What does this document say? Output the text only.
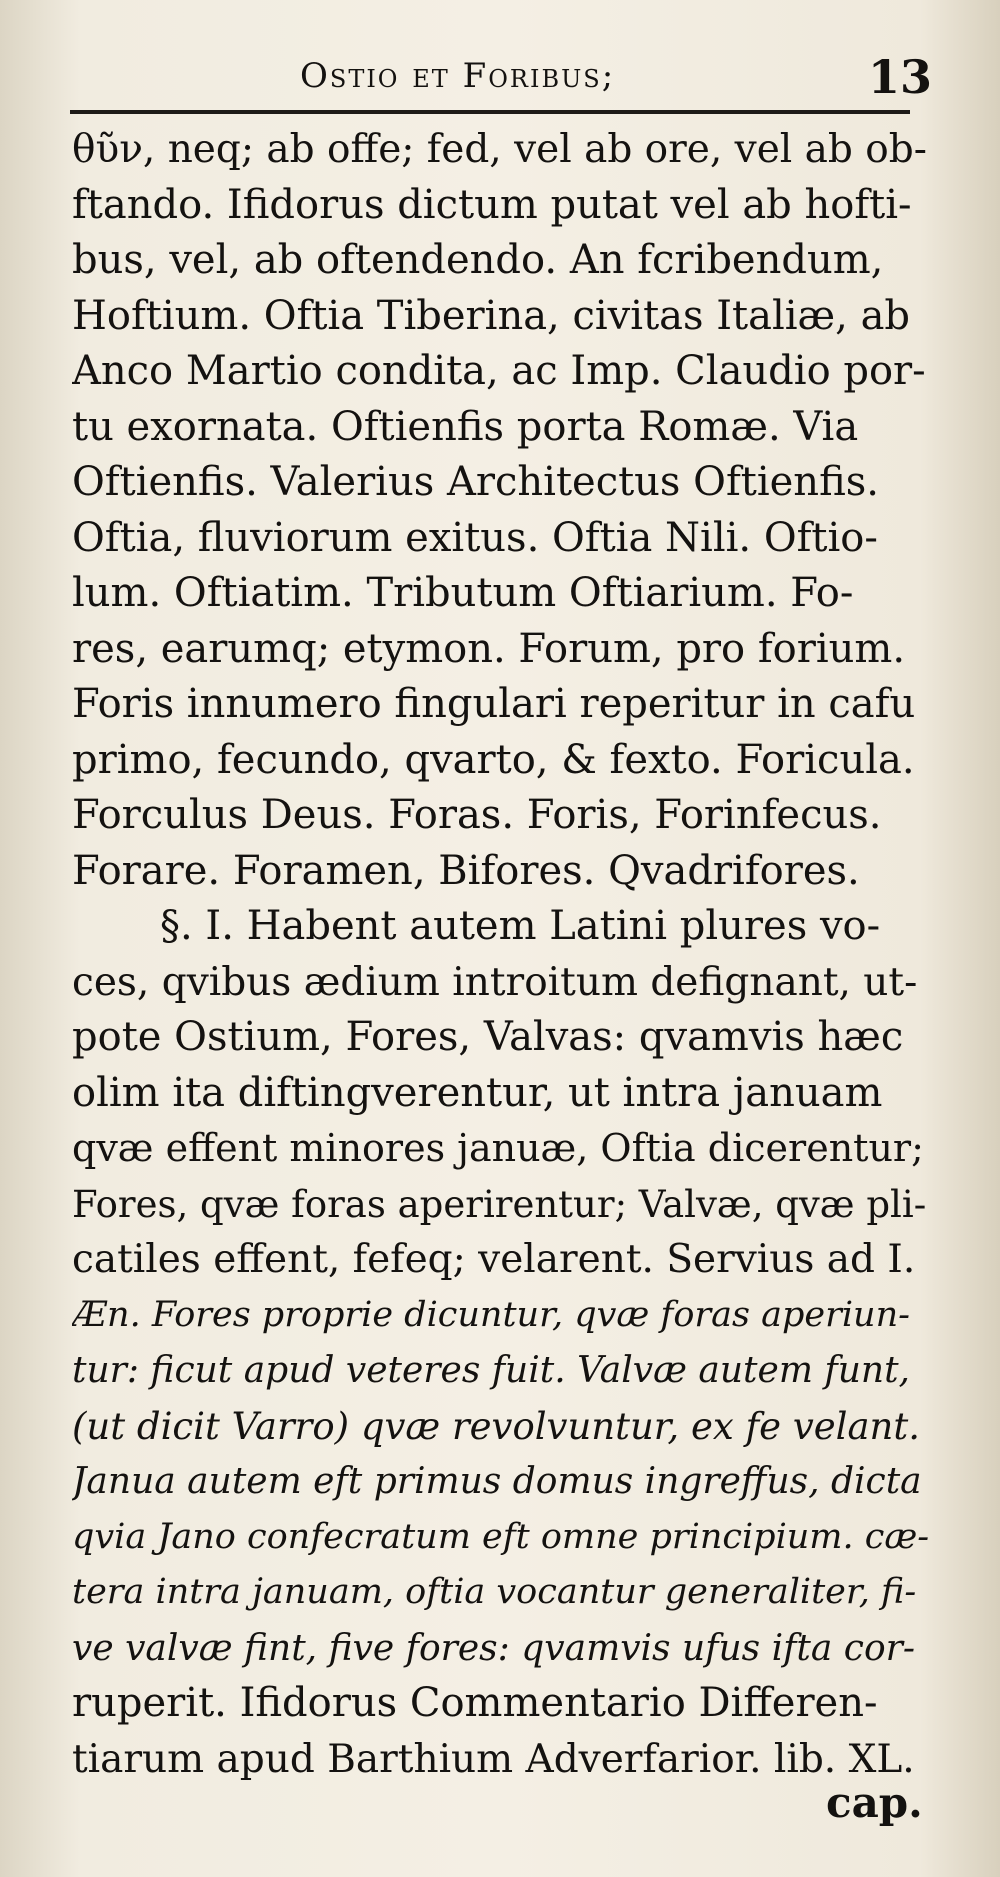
Ostio et Foribus;	13
θῦν, neq; ab offe; fed, vel ab ore, vel ab ob-
ftando. Ifidorus dictum putat vel ab hofti-
bus, vel, ab oftendendo. An fcribendum,
Hoftium. Oftia Tiberina, civitas Italiæ, ab
Anco Martio condita, ac Imp. Claudio por-
tu exornata. Oftienfis porta Romæ. Via
Oftienfis. Valerius Architectus Oftienfis.
Oftia, fluviorum exitus. Oftia Nili. Oftio-
lum. Oftiatim. Tributum Oftiarium. Fo-
res, earumq; etymon. Forum, pro forium.
Foris innumero fingulari reperitur in cafu
primo, fecundo, qvarto, & fexto. Foricula.
Forculus Deus. Foras. Foris, Forinfecus.
Forare. Foramen, Bifores. Qvadrifores.
§. I. Habent autem Latini plures vo-
ces, qvibus ædium introitum defignant, ut-
pote Ostium, Fores, Valvas: qvamvis hæc
olim ita diftingverentur, ut intra januam
qvæ effent minores januæ, Oftia dicerentur;
Fores, qvæ foras aperirentur; Valvæ, qvæ pli-
catiles effent, fefeq; velarent. Servius ad I.
Æn. Fores proprie dicuntur, qvæ foras aperiun-
tur: ficut apud veteres fuit. Valvæ autem funt,
(ut dicit Varro) qvæ revolvuntur, ex fe velant.
Janua autem eft primus domus ingreffus, dicta
qvia Jano confecratum eft omne principium. cæ-
tera intra januam, oftia vocantur generaliter, fi-
ve valvæ fint, five fores: qvamvis ufus ifta cor-
ruperit. Ifidorus Commentario Differen-
tiarum apud Barthium Adverfarior. lib. XL.
cap.
